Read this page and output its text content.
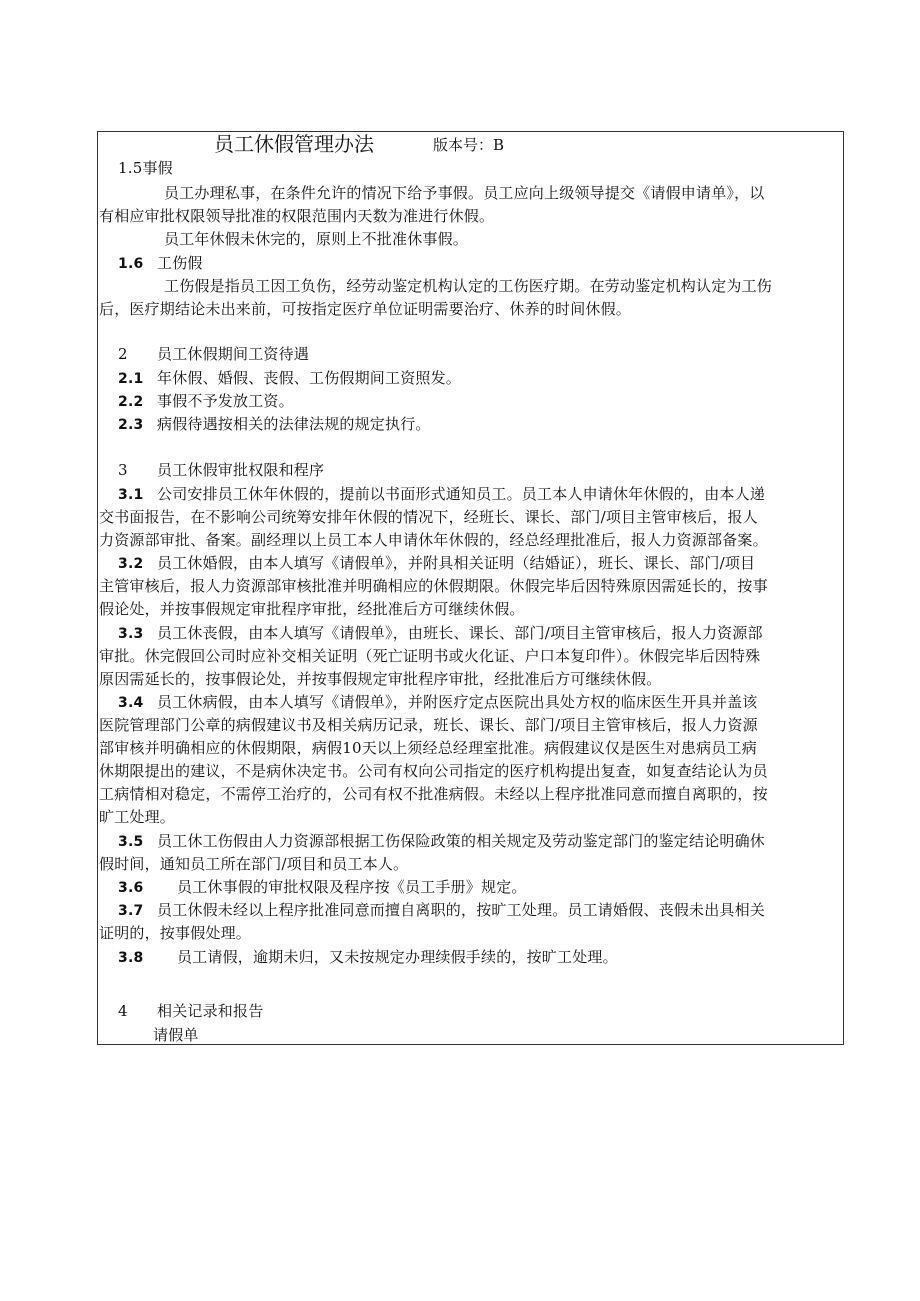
员工休假管理办法	版本号：B
1.5事假
员工办理私事，在条件允许的情况下给予事假。员工应向上级领导提交《请假申请单》，以
有相应审批权限领导批准的权限范围内天数为准进行休假。
员工年休假未休完的，原则上不批准休事假。
1.6 工伤假
工伤假是指员工因工负伤，经劳动鉴定机构认定的工伤医疗期。在劳动鉴定机构认定为工伤
后，医疗期结论未出来前，可按指定医疗单位证明需要治疗、休养的时间休假。
2 员工休假期间工资待遇
2.1 年休假、婚假、丧假、工伤假期间工资照发。
2.2 事假不予发放工资。
2.3 病假待遇按相关的法律法规的规定执行。
3 员工休假审批权限和程序
3.1 公司安排员工休年休假的，提前以书面形式通知员工。员工本人申请休年休假的，由本人递
交书面报告，在不影响公司统筹安排年休假的情况下，经班长、课长、部门/项目主管审核后，报人
力资源部审批、备案。副经理以上员工本人申请休年休假的，经总经理批准后，报人力资源部备案。
3.2 员工休婚假，由本人填写《请假单》，并附具相关证明（结婚证），班长、课长、部门/项目
主管审核后，报人力资源部审核批准并明确相应的休假期限。休假完毕后因特殊原因需延长的，按事
假论处，并按事假规定审批程序审批，经批准后方可继续休假。
3.3 员工休丧假，由本人填写《请假单》，由班长、课长、部门/项目主管审核后，报人力资源部
审批。休完假回公司时应补交相关证明（死亡证明书或火化证、户口本复印件）。休假完毕后因特殊
原因需延长的，按事假论处，并按事假规定审批程序审批，经批准后方可继续休假。
3.4 员工休病假，由本人填写《请假单》，并附医疗定点医院出具处方权的临床医生开具并盖该
医院管理部门公章的病假建议书及相关病历记录，班长、课长、部门/项目主管审核后，报人力资源
部审核并明确相应的休假期限，病假10天以上须经总经理室批准。病假建议仅是医生对患病员工病
休期限提出的建议，不是病休决定书。公司有权向公司指定的医疗机构提出复查，如复查结论认为员
工病情相对稳定，不需停工治疗的，公司有权不批准病假。未经以上程序批准同意而擅自离职的，按
旷工处理。
3.5 员工休工伤假由人力资源部根据工伤保险政策的相关规定及劳动鉴定部门的鉴定结论明确休
假时间，通知员工所在部门/项目和员工本人。
3.6 员工休事假的审批权限及程序按《员工手册》规定。
3.7 员工休假未经以上程序批准同意而擅自离职的，按旷工处理。员工请婚假、丧假未出具相关
证明的，按事假处理。
3.8 员工请假，逾期未归，又未按规定办理续假手续的，按旷工处理。
4 相关记录和报告
请假单
